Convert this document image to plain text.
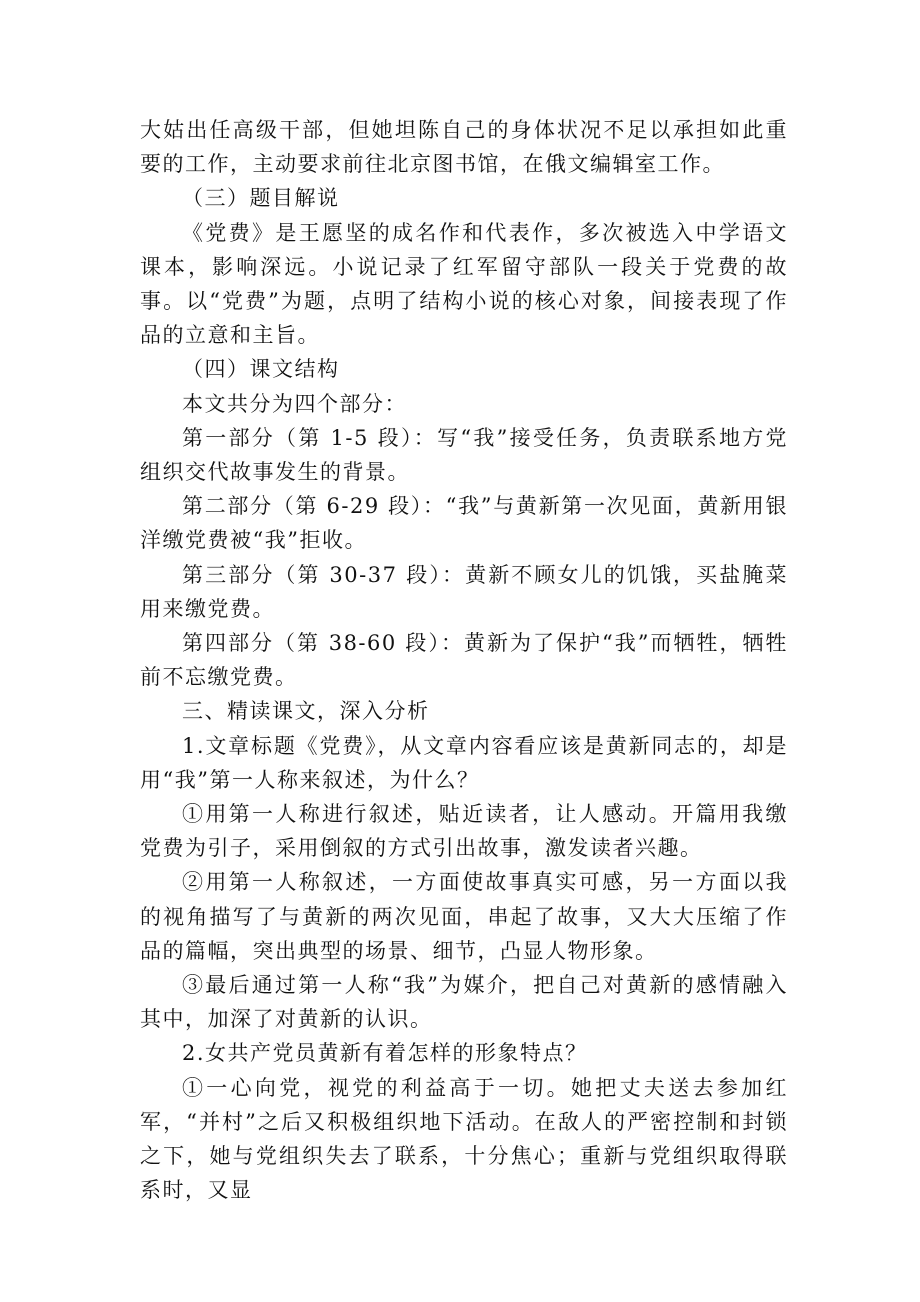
大姑出任高级干部，但她坦陈自己的身体状况不足以承担如此重要的工作，主动要求前往北京图书馆，在俄文编辑室工作。

（三）题目解说

《党费》是王愿坚的成名作和代表作，多次被选入中学语文课本，影响深远。小说记录了红军留守部队一段关于党费的故事。以“党费”为题，点明了结构小说的核心对象，间接表现了作品的立意和主旨。

（四）课文结构

本文共分为四个部分：

第一部分（第 1-5 段）：写“我”接受任务，负责联系地方党组织交代故事发生的背景。

第二部分（第 6-29 段）：“我”与黄新第一次见面，黄新用银洋缴党费被“我”拒收。

第三部分（第 30-37 段）：黄新不顾女儿的饥饿，买盐腌菜用来缴党费。

第四部分（第 38-60 段）：黄新为了保护“我”而牺牲，牺牲前不忘缴党费。

三、精读课文，深入分析

1.文章标题《党费》，从文章内容看应该是黄新同志的，却是用“我”第一人称来叙述，为什么？

①用第一人称进行叙述，贴近读者，让人感动。开篇用我缴党费为引子，采用倒叙的方式引出故事，激发读者兴趣。

②用第一人称叙述，一方面使故事真实可感，另一方面以我的视角描写了与黄新的两次见面，串起了故事，又大大压缩了作品的篇幅，突出典型的场景、细节，凸显人物形象。

③最后通过第一人称“我”为媒介，把自己对黄新的感情融入其中，加深了对黄新的认识。

2.女共产党员黄新有着怎样的形象特点？

①一心向党，视党的利益高于一切。她把丈夫送去参加红军，“并村”之后又积极组织地下活动。在敌人的严密控制和封锁之下，她与党组织失去了联系，十分焦心；重新与党组织取得联系时，又显
